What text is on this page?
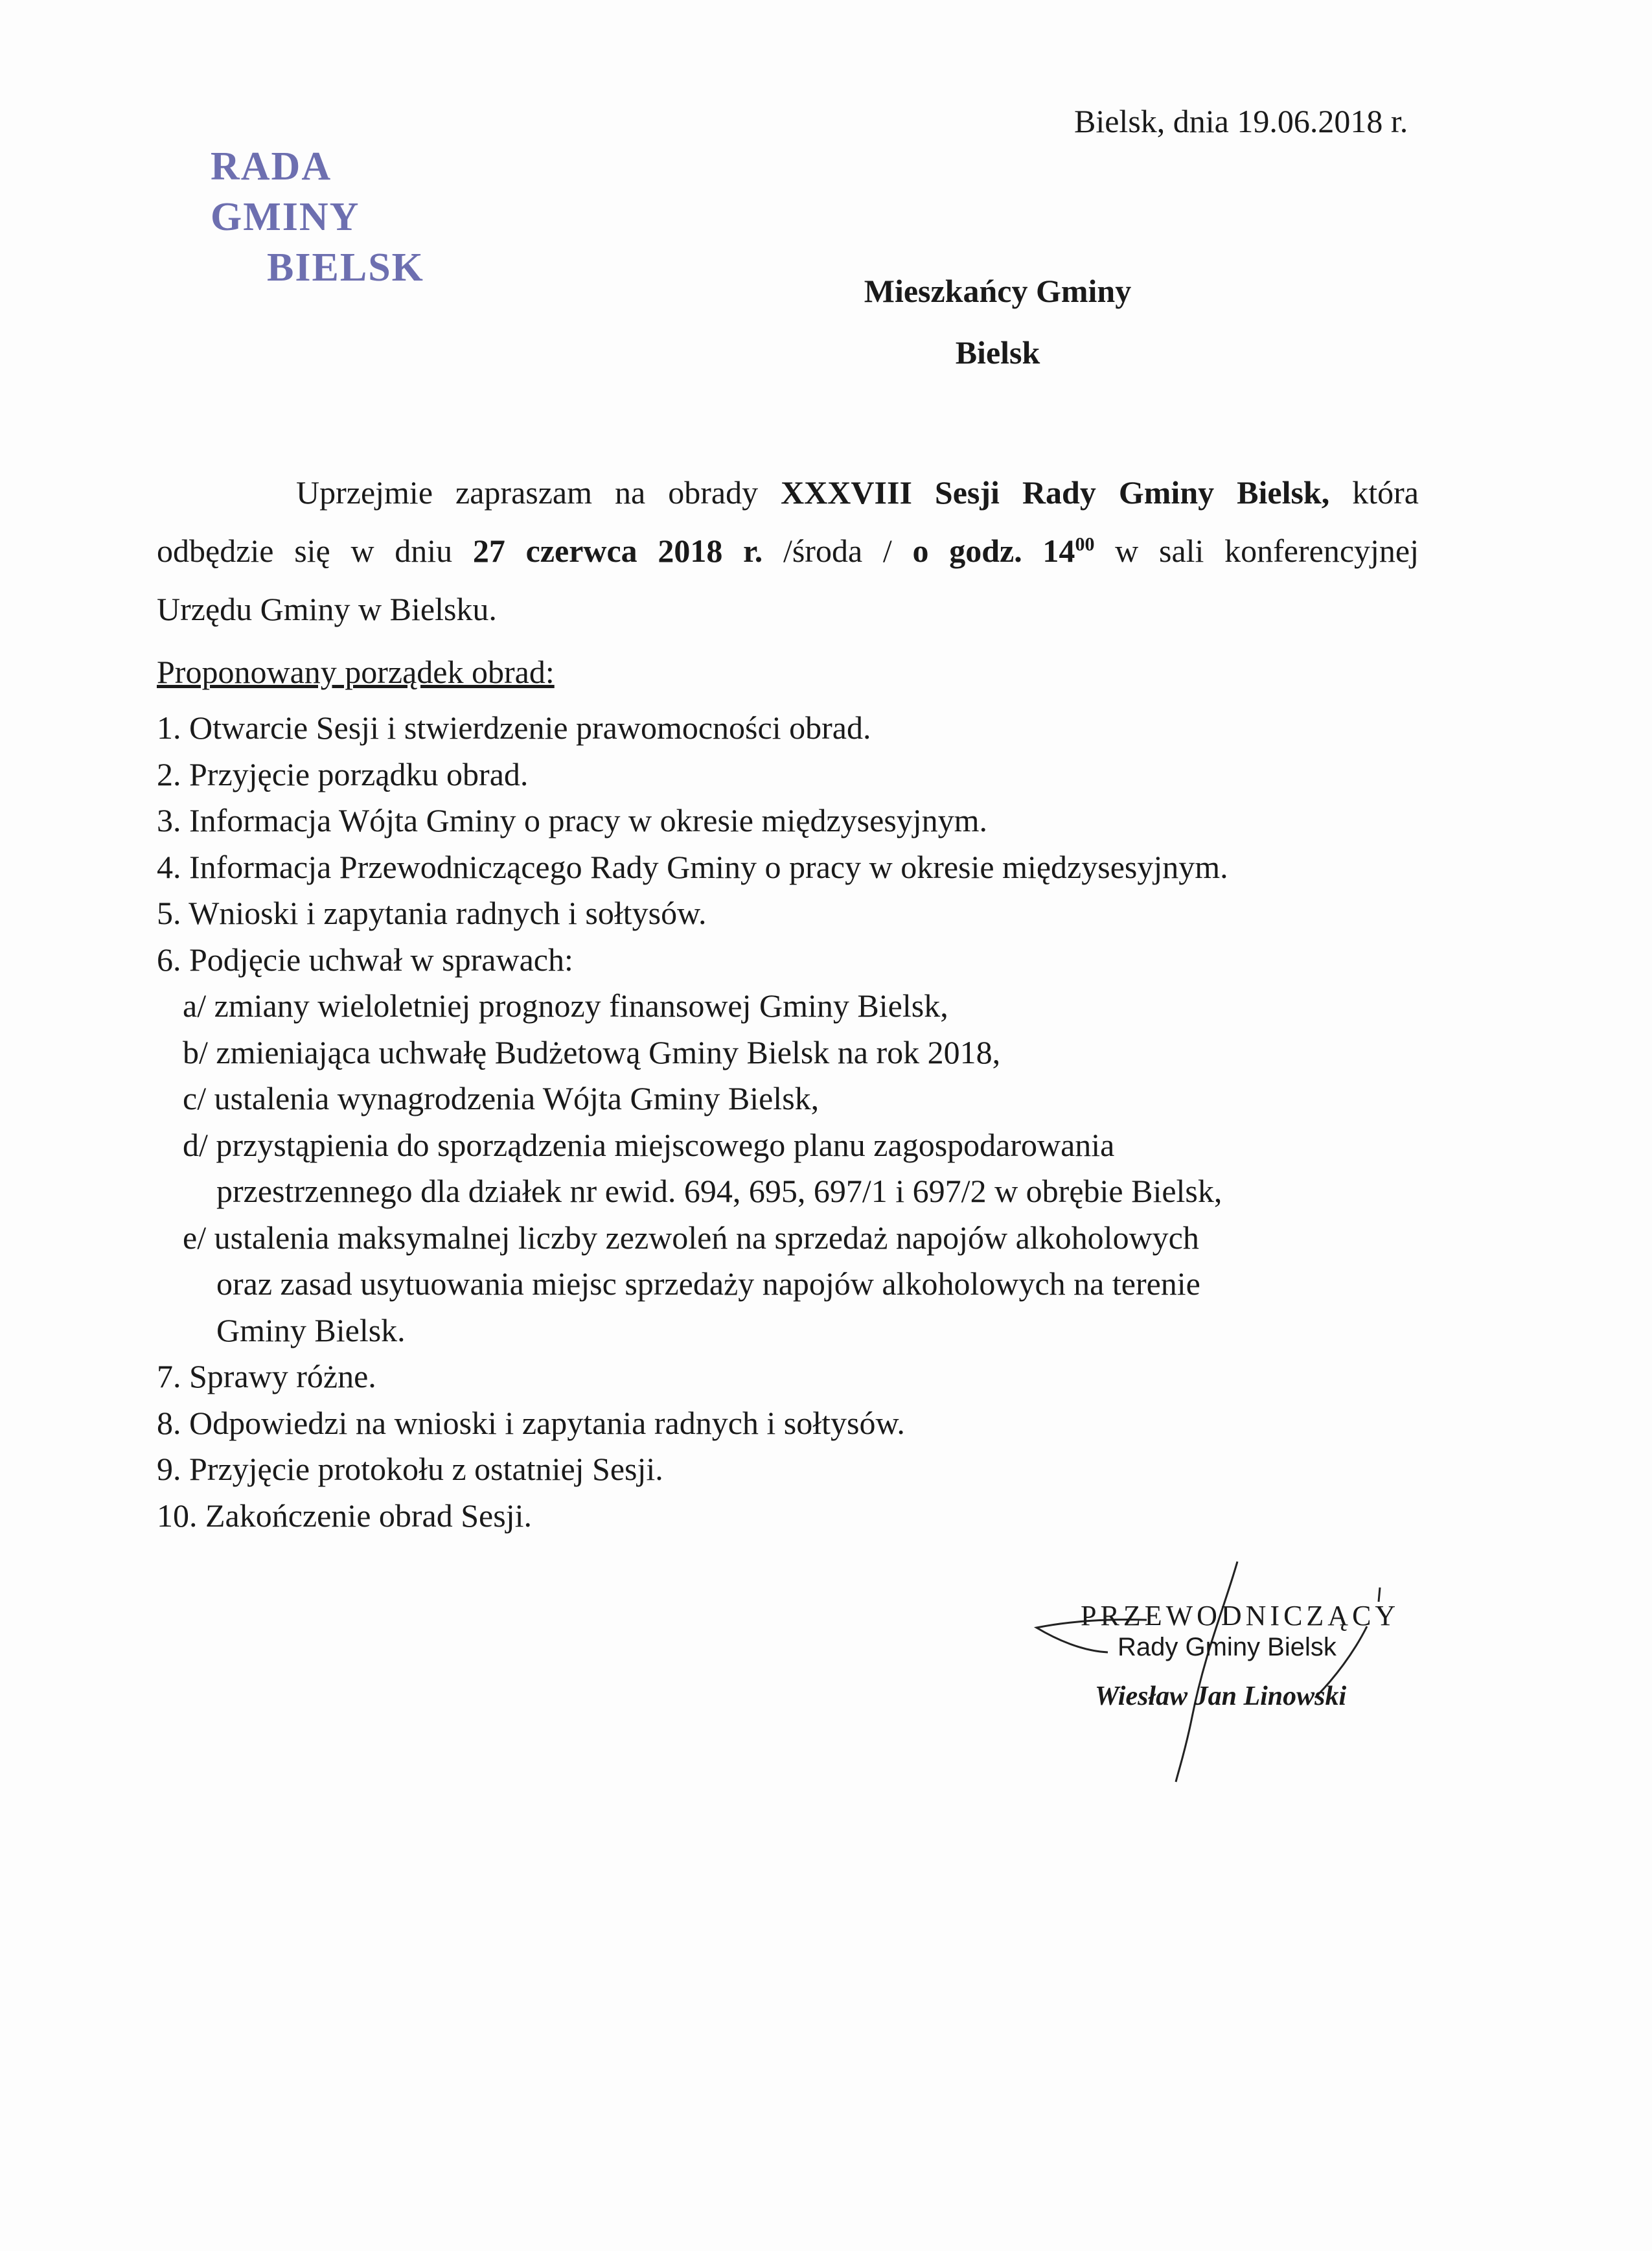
RADA GMINY
BIELSK
Bielsk, dnia 19.06.2018 r.
Mieszkańcy Gminy
Bielsk
Uprzejmie zapraszam na obrady XXXVIII Sesji Rady Gminy Bielsk, która
odbędzie się w dniu 27 czerwca 2018 r. /środa / o godz. $14^{00}$ w sali konferencyjnej
Urzędu Gminy w Bielsku.
Proponowany porządek obrad:
1. Otwarcie Sesji i stwierdzenie prawomocności obrad.
2. Przyjęcie porządku obrad.
3. Informacja Wójta Gminy o pracy w okresie międzysesyjnym.
4. Informacja Przewodniczącego Rady Gminy o pracy w okresie międzysesyjnym.
5. Wnioski i zapytania radnych i sołtysów.
6. Podjęcie uchwał w sprawach:
a/ zmiany wieloletniej prognozy finansowej Gminy Bielsk,
b/ zmieniająca uchwałę Budżetową Gminy Bielsk na rok 2018,
c/ ustalenia wynagrodzenia Wójta Gminy Bielsk,
d/ przystąpienia do sporządzenia miejscowego planu zagospodarowania
przestrzennego dla działek nr ewid. 694, 695, 697/1 i 697/2 w obrębie Bielsk,
e/ ustalenia maksymalnej liczby zezwoleń na sprzedaż napojów alkoholowych
oraz zasad usytuowania miejsc sprzedaży napojów alkoholowych na terenie
Gminy Bielsk.
7. Sprawy różne.
8. Odpowiedzi na wnioski i zapytania radnych i sołtysów.
9. Przyjęcie protokołu z ostatniej Sesji.
10. Zakończenie obrad Sesji.
PRZEWODNICZĄCY
Rady Gminy Bielsk
Wiesław Jan Linowski
